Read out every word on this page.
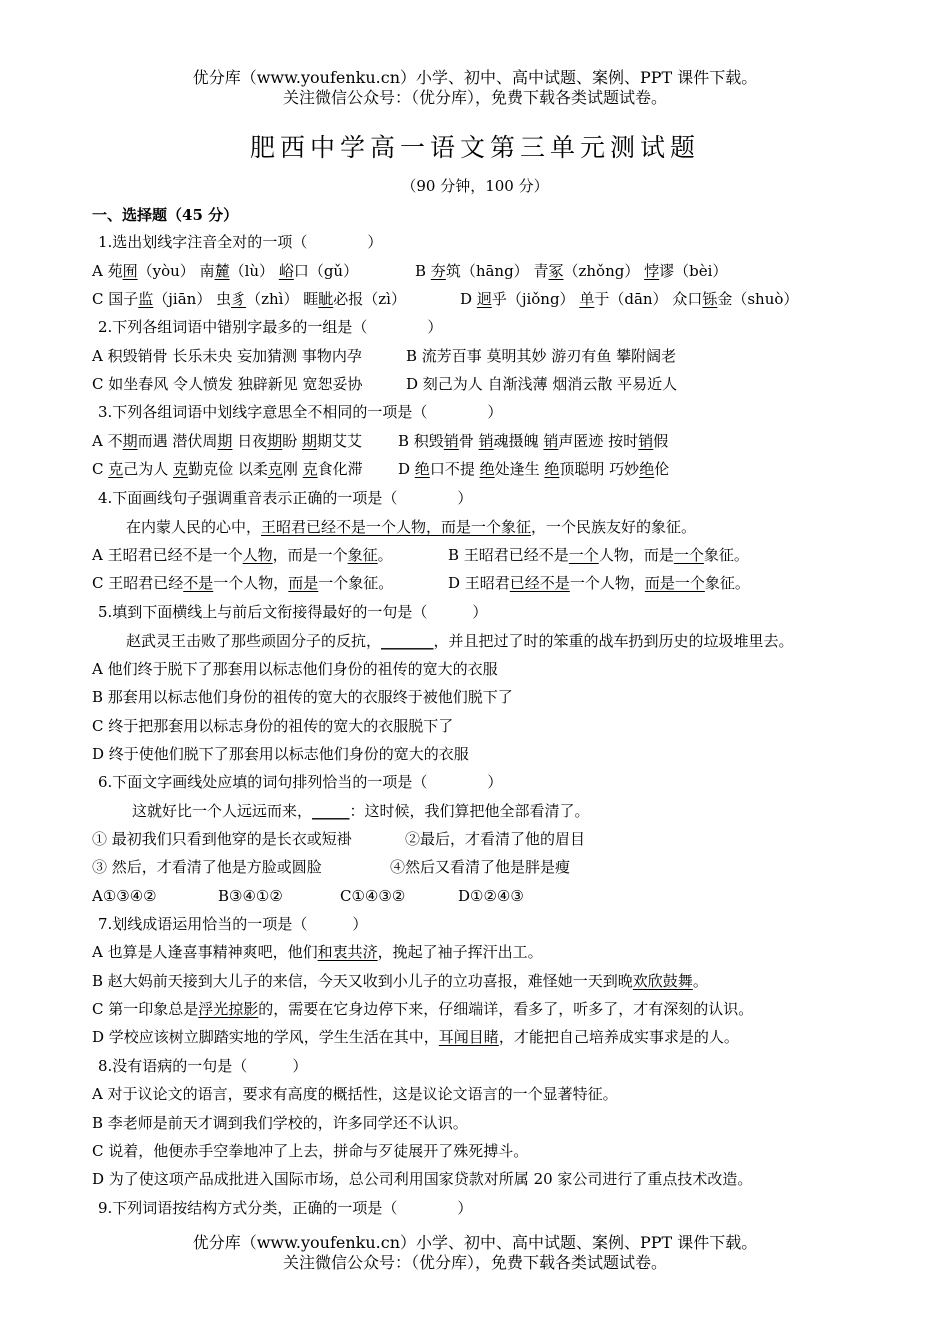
优分库（www.youfenku.cn）小学、初中、高中试题、案例、PPT 课件下载。
关注微信公众号：（优分库），免费下载各类试题试卷。
肥西中学高一语文第三单元测试题
（90 分钟，100 分）
一、选择题（45 分）
1.选出划线字注音全对的一项（　　　　）
A 苑囿（yòu） 南麓（lù） 峪口（gǔ）	B 夯筑（hāng） 青冢（zhǒng） 悖谬（bèi）
C 国子监（jiān） 虫豸（zhì） 睚眦必报（zì）	D 迥乎（jiǒng） 单于（dān） 众口铄金（shuò）
2.下列各组词语中错别字最多的一组是（　　　　）
A 积毁销骨 长乐未央 妄加猜测 事物内孕	B 流芳百事 莫明其妙 游刃有鱼 攀附阔老
C 如坐春风 令人愤发 独辟新见 宽恕妥协	D 刻己为人 自渐浅薄 烟消云散 平易近人
3.下列各组词语中划线字意思全不相同的一项是（　　　　）
A 不期而遇 潜伏周期 日夜期盼 期期艾艾 B 积毁销骨 销魂摄魄 销声匿迹 按时销假
C 克己为人 克勤克俭 以柔克刚 克食化滞 D 绝口不提 绝处逢生 绝顶聪明 巧妙绝伦
4.下面画线句子强调重音表示正确的一项是（　　　　）
在内蒙人民的心中，王昭君已经不是一个人物，而是一个象征，一个民族友好的象征。
A 王昭君已经不是一个人物，而是一个象征。	B 王昭君已经不是一个人物，而是一个象征。
C 王昭君已经不是一个人物，而是一个象征。	D 王昭君已经不是一个人物，而是一个象征。
5.填到下面横线上与前后文衔接得最好的一句是（　　　）
赵武灵王击败了那些顽固分子的反抗，_______，并且把过了时的笨重的战车扔到历史的垃圾堆里去。
A 他们终于脱下了那套用以标志他们身份的祖传的宽大的衣服
B 那套用以标志他们身份的祖传的宽大的衣服终于被他们脱下了
C 终于把那套用以标志身份的祖传的宽大的衣服脱下了
D 终于使他们脱下了那套用以标志他们身份的宽大的衣服
6.下面文字画线处应填的词句排列恰当的一项是（　　　　）
这就好比一个人远远而来，_____：这时候，我们算把他全部看清了。
① 最初我们只看到他穿的是长衣或短褂	②最后，才看清了他的眉目
③ 然后，才看清了他是方脸或圆脸	④然后又看清了他是胖是瘦
A①③④②	B③④①②	C①④③②	D①②④③
7.划线成语运用恰当的一项是（　　　）
A 也算是人逢喜事精神爽吧，他们和衷共济，挽起了袖子挥汗出工。
B 赵大妈前天接到大儿子的来信，今天又收到小儿子的立功喜报，难怪她一天到晚欢欣鼓舞。
C 第一印象总是浮光掠影的，需要在它身边停下来，仔细端详，看多了，听多了，才有深刻的认识。
D 学校应该树立脚踏实地的学风，学生生活在其中，耳闻目睹，才能把自己培养成实事求是的人。
8.没有语病的一句是（　　　）
A 对于议论文的语言，要求有高度的概括性，这是议论文语言的一个显著特征。
B 李老师是前天才调到我们学校的，许多同学还不认识。
C 说着，他便赤手空拳地冲了上去，拼命与歹徒展开了殊死搏斗。
D 为了使这项产品成批进入国际市场，总公司利用国家贷款对所属 20 家公司进行了重点技术改造。
9.下列词语按结构方式分类，正确的一项是（　　　　）
优分库（www.youfenku.cn）小学、初中、高中试题、案例、PPT 课件下载。
关注微信公众号：（优分库），免费下载各类试题试卷。
